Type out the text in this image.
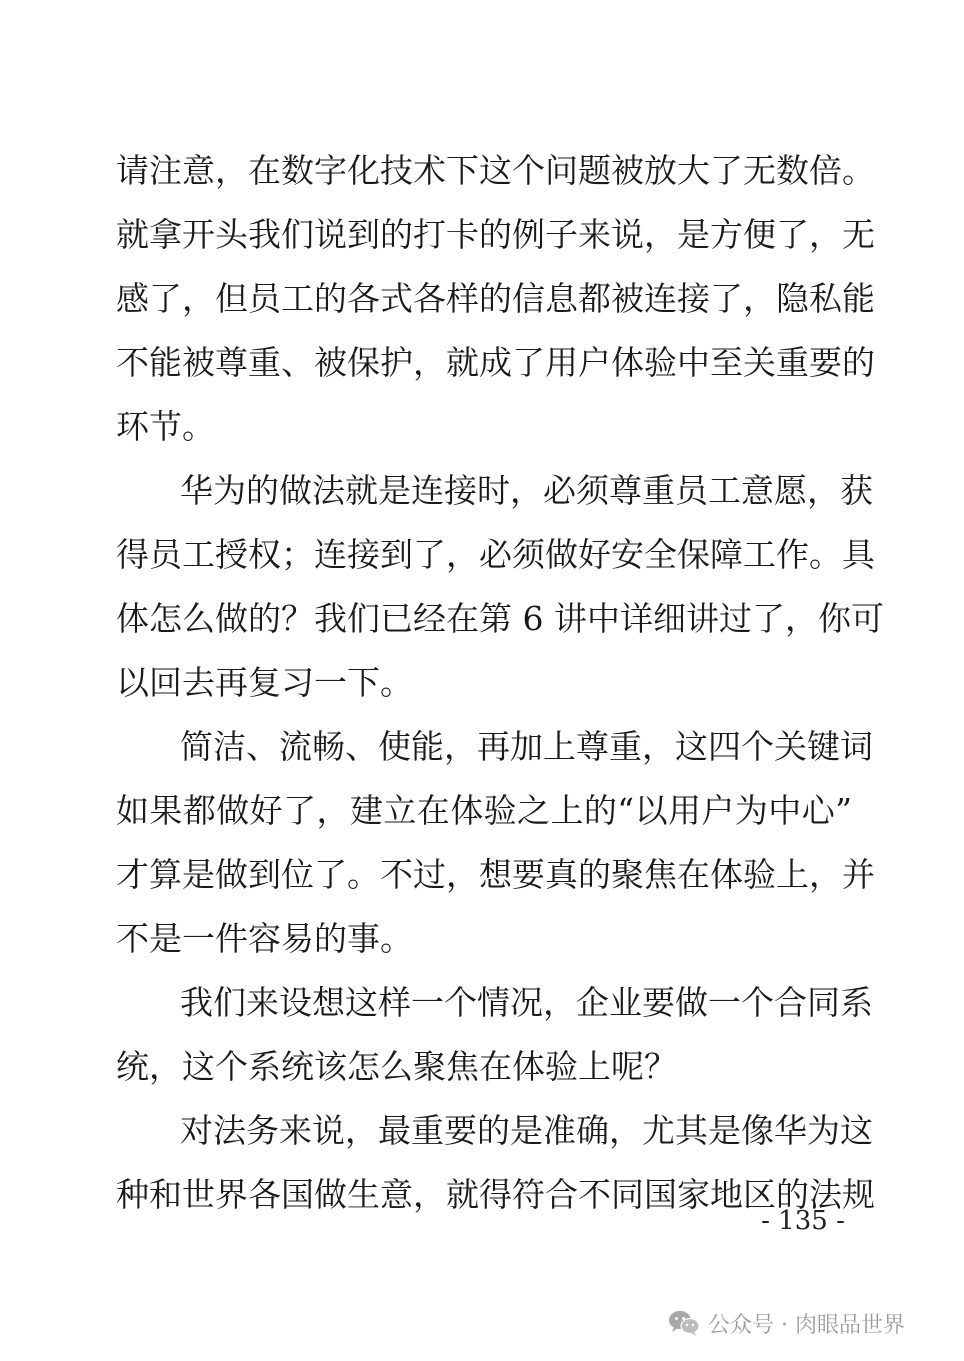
请注意，在数字化技术下这个问题被放大了无数倍。
就拿开头我们说到的打卡的例子来说，是方便了，无
感了，但员工的各式各样的信息都被连接了，隐私能
不能被尊重、被保护，就成了用户体验中至关重要的
环节。
华为的做法就是连接时，必须尊重员工意愿，获
得员工授权；连接到了，必须做好安全保障工作。具
体怎么做的？我们已经在第 6 讲中详细讲过了，你可
以回去再复习一下。
简洁、流畅、使能，再加上尊重，这四个关键词
如果都做好了，建立在体验之上的“以用户为中心”
才算是做到位了。不过，想要真的聚焦在体验上，并
不是一件容易的事。
我们来设想这样一个情况，企业要做一个合同系
统，这个系统该怎么聚焦在体验上呢？
对法务来说，最重要的是准确，尤其是像华为这
种和世界各国做生意，就得符合不同国家地区的法规
- 135 -
公众号 · 肉眼品世界
